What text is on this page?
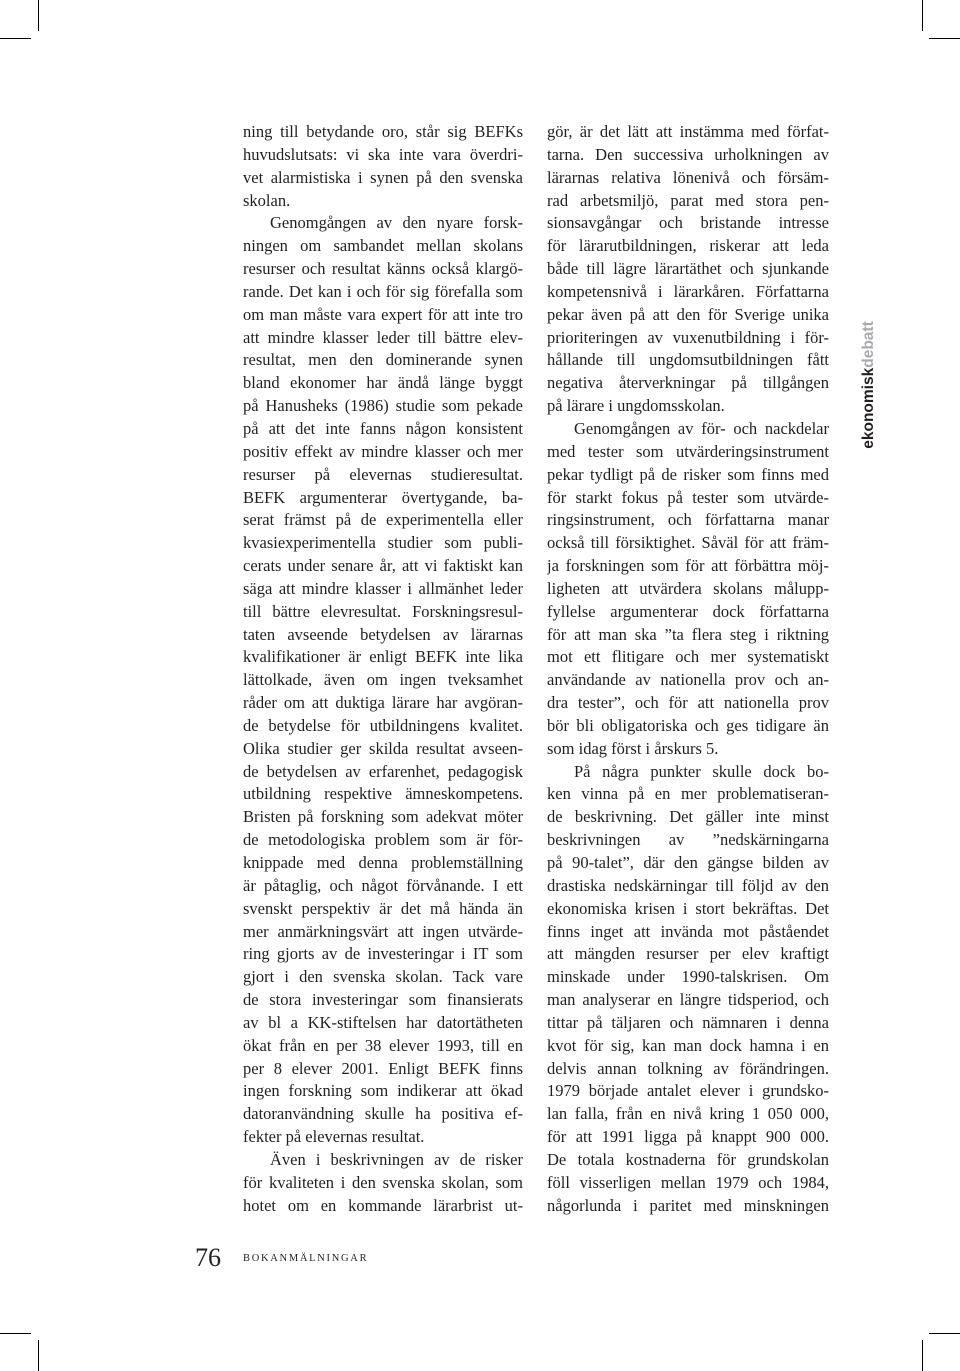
ning till betydande oro, står sig BEFKs
huvudslutsats: vi ska inte vara överdri-
vet alarmistiska i synen på den svenska
skolan.
Genomgången av den nyare forsk-
ningen om sambandet mellan skolans
resurser och resultat känns också klargö-
rande. Det kan i och för sig förefalla som
om man måste vara expert för att inte tro
att mindre klasser leder till bättre elev-
resultat, men den dominerande synen
bland ekonomer har ändå länge byggt
på Hanusheks (1986) studie som pekade
på att det inte fanns någon konsistent
positiv effekt av mindre klasser och mer
resurser på elevernas studieresultat.
BEFK argumenterar övertygande, ba-
serat främst på de experimentella eller
kvasiexperimentella studier som publi-
cerats under senare år, att vi faktiskt kan
säga att mindre klasser i allmänhet leder
till bättre elevresultat. Forskningsresul-
taten avseende betydelsen av lärarnas
kvalifikationer är enligt BEFK inte lika
lättolkade, även om ingen tveksamhet
råder om att duktiga lärare har avgöran-
de betydelse för utbildningens kvalitet.
Olika studier ger skilda resultat avseen-
de betydelsen av erfarenhet, pedagogisk
utbildning respektive ämneskompetens.
Bristen på forskning som adekvat möter
de metodologiska problem som är för-
knippade med denna problemställning
är påtaglig, och något förvånande. I ett
svenskt perspektiv är det må hända än
mer anmärkningsvärt att ingen utvärde-
ring gjorts av de investeringar i IT som
gjort i den svenska skolan. Tack vare
de stora investeringar som finansierats
av bl a KK-stiftelsen har datortätheten
ökat från en per 38 elever 1993, till en
per 8 elever 2001. Enligt BEFK finns
ingen forskning som indikerar att ökad
datoranvändning skulle ha positiva ef-
fekter på elevernas resultat.
Även i beskrivningen av de risker
för kvaliteten i den svenska skolan, som
hotet om en kommande lärarbrist ut-
gör, är det lätt att instämma med förfat-
tarna. Den successiva urholkningen av
lärarnas relativa lönenivå och försäm-
rad arbetsmiljö, parat med stora pen-
sionsavgångar och bristande intresse
för lärarutbildningen, riskerar att leda
både till lägre lärartäthet och sjunkande
kompetensnivå i lärarkåren. Författarna
pekar även på att den för Sverige unika
prioriteringen av vuxenutbildning i för-
hållande till ungdomsutbildningen fått
negativa återverkningar på tillgången
på lärare i ungdomsskolan.
Genomgången av för- och nackdelar
med tester som utvärderingsinstrument
pekar tydligt på de risker som finns med
för starkt fokus på tester som utvärde-
ringsinstrument, och författarna manar
också till försiktighet. Såväl för att främ-
ja forskningen som för att förbättra möj-
ligheten att utvärdera skolans målupp-
fyllelse argumenterar dock författarna
för att man ska ”ta flera steg i riktning
mot ett flitigare och mer systematiskt
användande av nationella prov och an-
dra tester”, och för att nationella prov
bör bli obligatoriska och ges tidigare än
som idag först i årskurs 5.
På några punkter skulle dock bo-
ken vinna på en mer problematiseran-
de beskrivning. Det gäller inte minst
beskrivningen av ”nedskärningarna
på 90-talet”, där den gängse bilden av
drastiska nedskärningar till följd av den
ekonomiska krisen i stort bekräftas. Det
finns inget att invända mot påståendet
att mängden resurser per elev kraftigt
minskade under 1990-talskrisen. Om
man analyserar en längre tidsperiod, och
tittar på täljaren och nämnaren i denna
kvot för sig, kan man dock hamna i en
delvis annan tolkning av förändringen.
1979 började antalet elever i grundsko-
lan falla, från en nivå kring 1 050 000,
för att 1991 ligga på knappt 900 000.
De totala kostnaderna för grundskolan
föll visserligen mellan 1979 och 1984,
någorlunda i paritet med minskningen
ekonomiskdebatt
76 BOKANMÄLNINGAR
